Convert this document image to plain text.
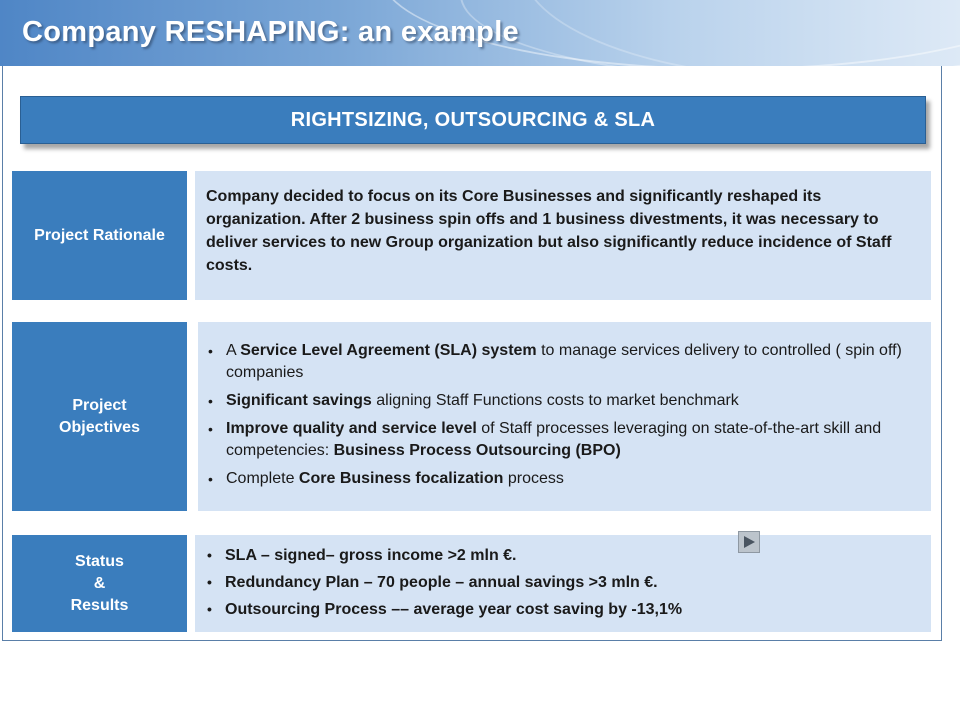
Company RESHAPING: an example
RIGHTSIZING, OUTSOURCING & SLA
Project Rationale
Company decided to focus on its Core Businesses and significantly reshaped its organization. After 2 business spin offs and 1 business divestments, it was necessary to deliver services to new Group organization but also significantly reduce incidence of Staff costs.
Project Objectives
• A Service Level Agreement (SLA) system to manage services delivery to controlled ( spin off) companies
• Significant savings aligning Staff Functions costs to market benchmark
• Improve quality and service level of Staff processes leveraging on state-of-the-art skill and competencies: Business Process Outsourcing (BPO)
• Complete Core Business focalization process
Status
&
Results
• SLA – signed– gross income >2 mln €.
• Redundancy Plan – 70 people – annual savings >3 mln €.
• Outsourcing Process –– average year cost saving by -13,1%
